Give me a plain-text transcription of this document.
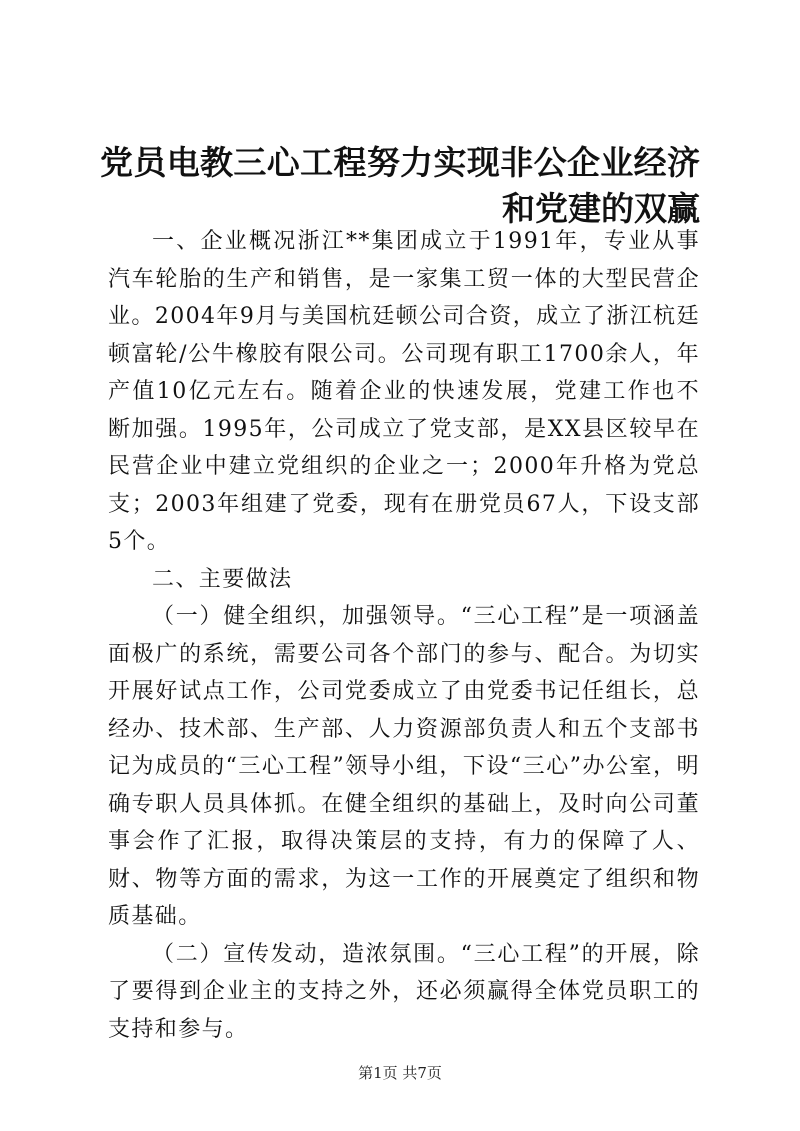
党员电教三心工程努力实现非公企业经济和党建的双赢

一、企业概况浙江**集团成立于1991年，专业从事汽车轮胎的生产和销售，是一家集工贸一体的大型民营企业。2004年9月与美国杭廷顿公司合资，成立了浙江杭廷顿富轮/公牛橡胶有限公司。公司现有职工1700余人，年产值10亿元左右。随着企业的快速发展，党建工作也不断加强。1995年，公司成立了党支部，是XX县区较早在民营企业中建立党组织的企业之一；2000年升格为党总支；2003年组建了党委，现有在册党员67人，下设支部5个。

二、主要做法

（一）健全组织，加强领导。“三心工程”是一项涵盖面极广的系统，需要公司各个部门的参与、配合。为切实开展好试点工作，公司党委成立了由党委书记任组长，总经办、技术部、生产部、人力资源部负责人和五个支部书记为成员的“三心工程”领导小组，下设“三心”办公室，明确专职人员具体抓。在健全组织的基础上，及时向公司董事会作了汇报，取得决策层的支持，有力的保障了人、财、物等方面的需求，为这一工作的开展奠定了组织和物质基础。

（二）宣传发动，造浓氛围。“三心工程”的开展，除了要得到企业主的支持之外，还必须赢得全体党员职工的支持和参与。

第1页 共7页
